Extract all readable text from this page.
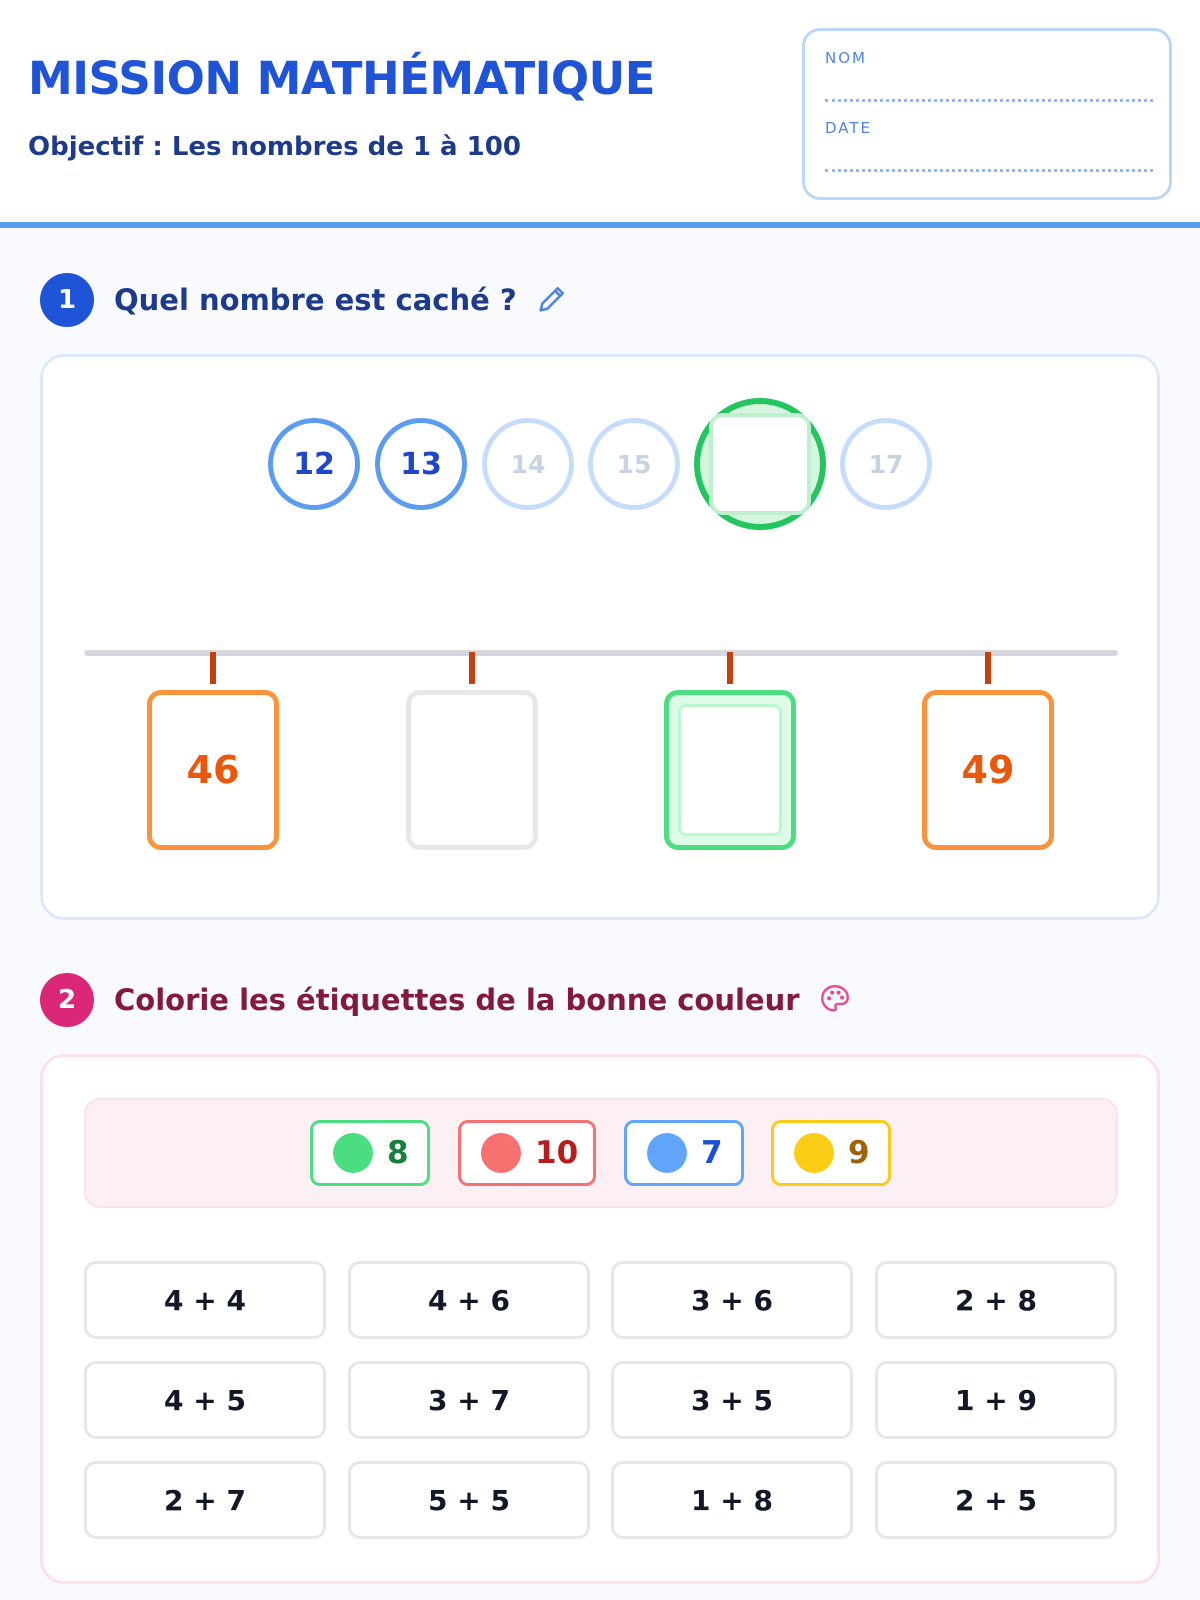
MISSION MATHÉMATIQUE
Objectif : Les nombres de 1 à 100
NOM
DATE
1	Quel nombre est caché ?
12	13	14	15	17
46	49
2	Colorie les étiquettes de la bonne couleur
8	10	7	9
4 + 4	4 + 6	3 + 6	2 + 8
4 + 5	3 + 7	3 + 5	1 + 9
2 + 7	5 + 5	1 + 8	2 + 5
